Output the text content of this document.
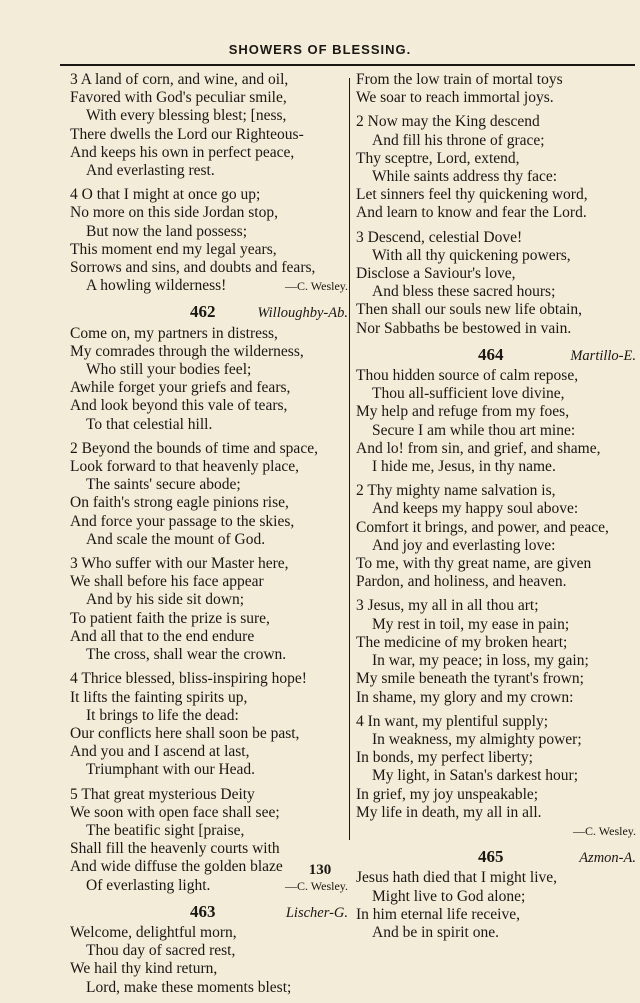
SHOWERS OF BLESSING.
3 A land of corn, and wine, and oil,
Favored with God's peculiar smile,
With every blessing blest; [ness,
There dwells the Lord our Righteous-
And keeps his own in perfect peace,
And everlasting rest.
4 O that I might at once go up;
No more on this side Jordan stop,
But now the land possess;
This moment end my legal years,
Sorrows and sins, and doubts and fears,
A howling wilderness!	—C. Wesley.
462	Willoughby-Ab.
Come on, my partners in distress,
My comrades through the wilderness,
Who still your bodies feel;
Awhile forget your griefs and fears,
And look beyond this vale of tears,
To that celestial hill.
2 Beyond the bounds of time and space,
Look forward to that heavenly place,
The saints' secure abode;
On faith's strong eagle pinions rise,
And force your passage to the skies,
And scale the mount of God.
3 Who suffer with our Master here,
We shall before his face appear
And by his side sit down;
To patient faith the prize is sure,
And all that to the end endure
The cross, shall wear the crown.
4 Thrice blessed, bliss-inspiring hope!
It lifts the fainting spirits up,
It brings to life the dead:
Our conflicts here shall soon be past,
And you and I ascend at last,
Triumphant with our Head.
5 That great mysterious Deity
We soon with open face shall see;
The beatific sight [praise,
Shall fill the heavenly courts with
And wide diffuse the golden blaze
Of everlasting light.	—C. Wesley.
463	Lischer-G.
Welcome, delightful morn,
Thou day of sacred rest,
We hail thy kind return,
Lord, make these moments blest;
From the low train of mortal toys
We soar to reach immortal joys.
2 Now may the King descend
And fill his throne of grace;
Thy sceptre, Lord, extend,
While saints address thy face:
Let sinners feel thy quickening word,
And learn to know and fear the Lord.
3 Descend, celestial Dove!
With all thy quickening powers,
Disclose a Saviour's love,
And bless these sacred hours;
Then shall our souls new life obtain,
Nor Sabbaths be bestowed in vain.
464	Martillo-E.
Thou hidden source of calm repose,
Thou all-sufficient love divine,
My help and refuge from my foes,
Secure I am while thou art mine:
And lo! from sin, and grief, and shame,
I hide me, Jesus, in thy name.
2 Thy mighty name salvation is,
And keeps my happy soul above:
Comfort it brings, and power, and peace,
And joy and everlasting love:
To me, with thy great name, are given
Pardon, and holiness, and heaven.
3 Jesus, my all in all thou art;
My rest in toil, my ease in pain;
The medicine of my broken heart;
In war, my peace; in loss, my gain;
My smile beneath the tyrant's frown;
In shame, my glory and my crown:
4 In want, my plentiful supply;
In weakness, my almighty power;
In bonds, my perfect liberty;
My light, in Satan's darkest hour;
In grief, my joy unspeakable;
My life in death, my all in all.
—C. Wesley.
465	Azmon-A.
Jesus hath died that I might live,
Might live to God alone;
In him eternal life receive,
And be in spirit one.
130
